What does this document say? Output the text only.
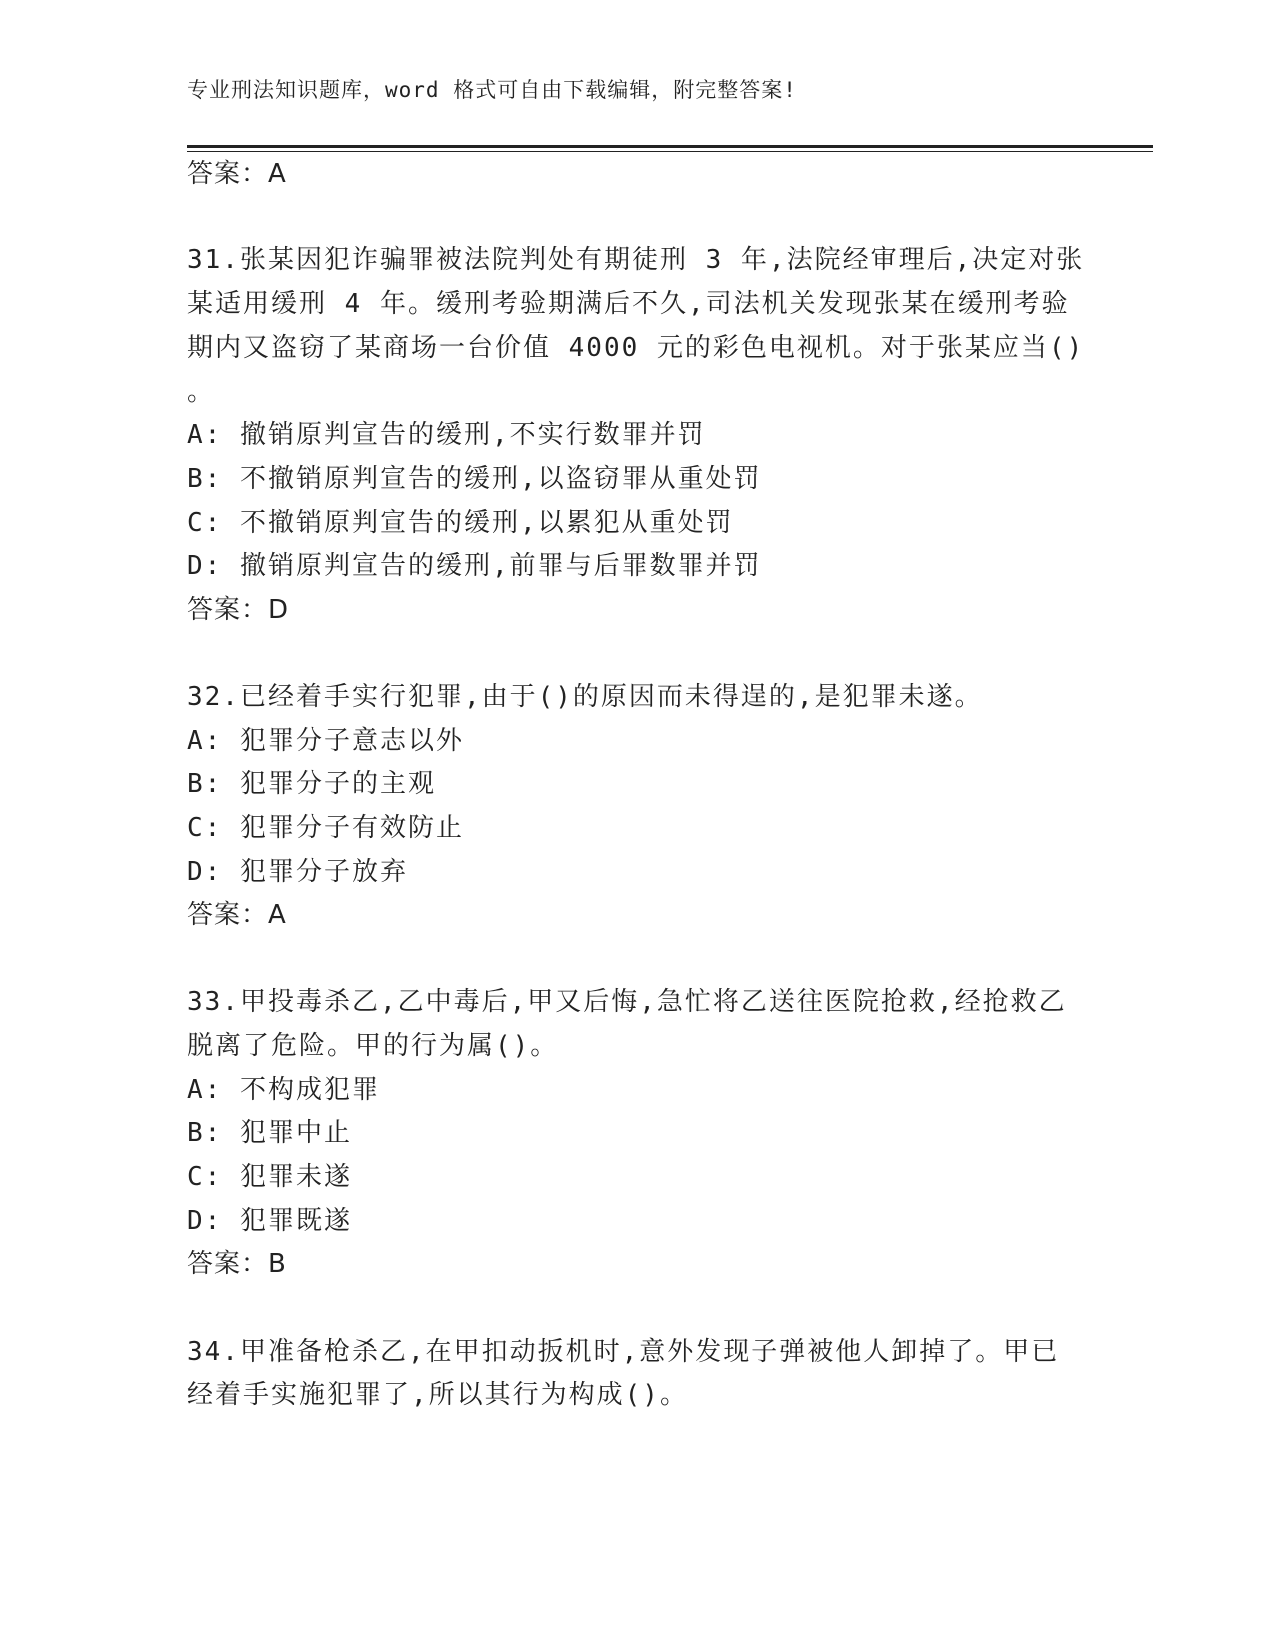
专业刑法知识题库，word 格式可自由下载编辑，附完整答案!
答案：A
31.张某因犯诈骗罪被法院判处有期徒刑 3 年,法院经审理后,决定对张
某适用缓刑 4 年。缓刑考验期满后不久,司法机关发现张某在缓刑考验
期内又盗窃了某商场一台价值 4000 元的彩色电视机。对于张某应当()
。
A: 撤销原判宣告的缓刑,不实行数罪并罚
B: 不撤销原判宣告的缓刑,以盗窃罪从重处罚
C: 不撤销原判宣告的缓刑,以累犯从重处罚
D: 撤销原判宣告的缓刑,前罪与后罪数罪并罚
答案：D
32.已经着手实行犯罪,由于()的原因而未得逞的,是犯罪未遂。
A: 犯罪分子意志以外
B: 犯罪分子的主观
C: 犯罪分子有效防止
D: 犯罪分子放弃
答案：A
33.甲投毒杀乙,乙中毒后,甲又后悔,急忙将乙送往医院抢救,经抢救乙
脱离了危险。甲的行为属()。
A: 不构成犯罪
B: 犯罪中止
C: 犯罪未遂
D: 犯罪既遂
答案：B
34.甲准备枪杀乙,在甲扣动扳机时,意外发现子弹被他人卸掉了。甲已
经着手实施犯罪了,所以其行为构成()。
